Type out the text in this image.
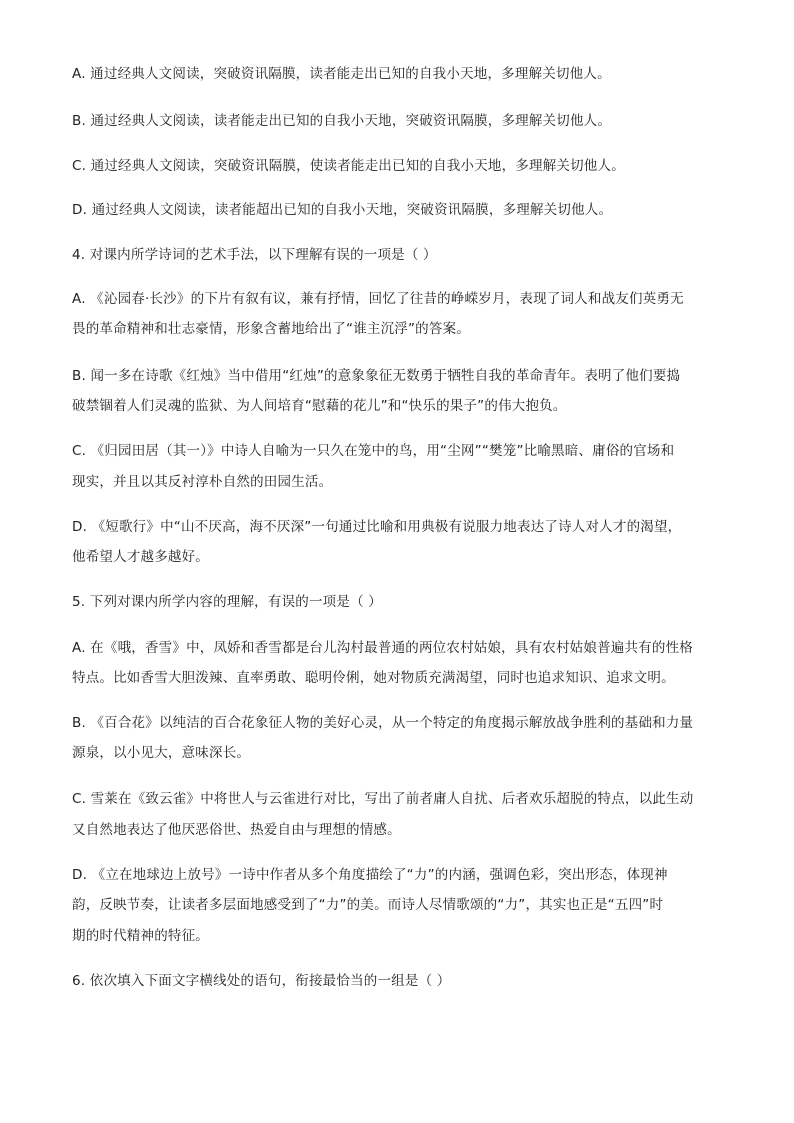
A. 通过经典人文阅读，突破资讯隔膜，读者能走出已知的自我小天地，多理解关切他人。
B. 通过经典人文阅读，读者能走出已知的自我小天地，突破资讯隔膜，多理解关切他人。
C. 通过经典人文阅读，突破资讯隔膜，使读者能走出已知的自我小天地，多理解关切他人。
D. 通过经典人文阅读，读者能超出已知的自我小天地，突破资讯隔膜，多理解关切他人。
4. 对课内所学诗词的艺术手法，以下理解有误的一项是（ ）
A. 《沁园春·长沙》的下片有叙有议，兼有抒情，回忆了往昔的峥嵘岁月，表现了词人和战友们英勇无
畏的革命精神和壮志豪情，形象含蓄地给出了“谁主沉浮”的答案。
B. 闻一多在诗歌《红烛》当中借用“红烛”的意象象征无数勇于牺牲自我的革命青年。表明了他们要捣
破禁锢着人们灵魂的监狱、为人间培育“慰藉的花儿”和“快乐的果子”的伟大抱负。
C. 《归园田居（其一）》中诗人自喻为一只久在笼中的鸟，用“尘网”“樊笼”比喻黑暗、庸俗的官场和
现实，并且以其反衬淳朴自然的田园生活。
D. 《短歌行》中“山不厌高，海不厌深”一句通过比喻和用典极有说服力地表达了诗人对人才的渴望，
他希望人才越多越好。
5. 下列对课内所学内容的理解，有误的一项是（ ）
A. 在《哦，香雪》中，凤娇和香雪都是台儿沟村最普通的两位农村姑娘，具有农村姑娘普遍共有的性格
特点。比如香雪大胆泼辣、直率勇敢、聪明伶俐，她对物质充满渴望，同时也追求知识、追求文明。
B. 《百合花》以纯洁的百合花象征人物的美好心灵，从一个特定的角度揭示解放战争胜利的基础和力量
源泉，以小见大，意味深长。
C. 雪莱在《致云雀》中将世人与云雀进行对比，写出了前者庸人自扰、后者欢乐超脱的特点，以此生动
又自然地表达了他厌恶俗世、热爱自由与理想的情感。
D. 《立在地球边上放号》一诗中作者从多个角度描绘了“力”的内涵，强调色彩，突出形态，体现神
韵，反映节奏，让读者多层面地感受到了“力”的美。而诗人尽情歌颂的“力”，其实也正是“五四”时
期的时代精神的特征。
6. 依次填入下面文字横线处的语句，衔接最恰当的一组是（ ）
